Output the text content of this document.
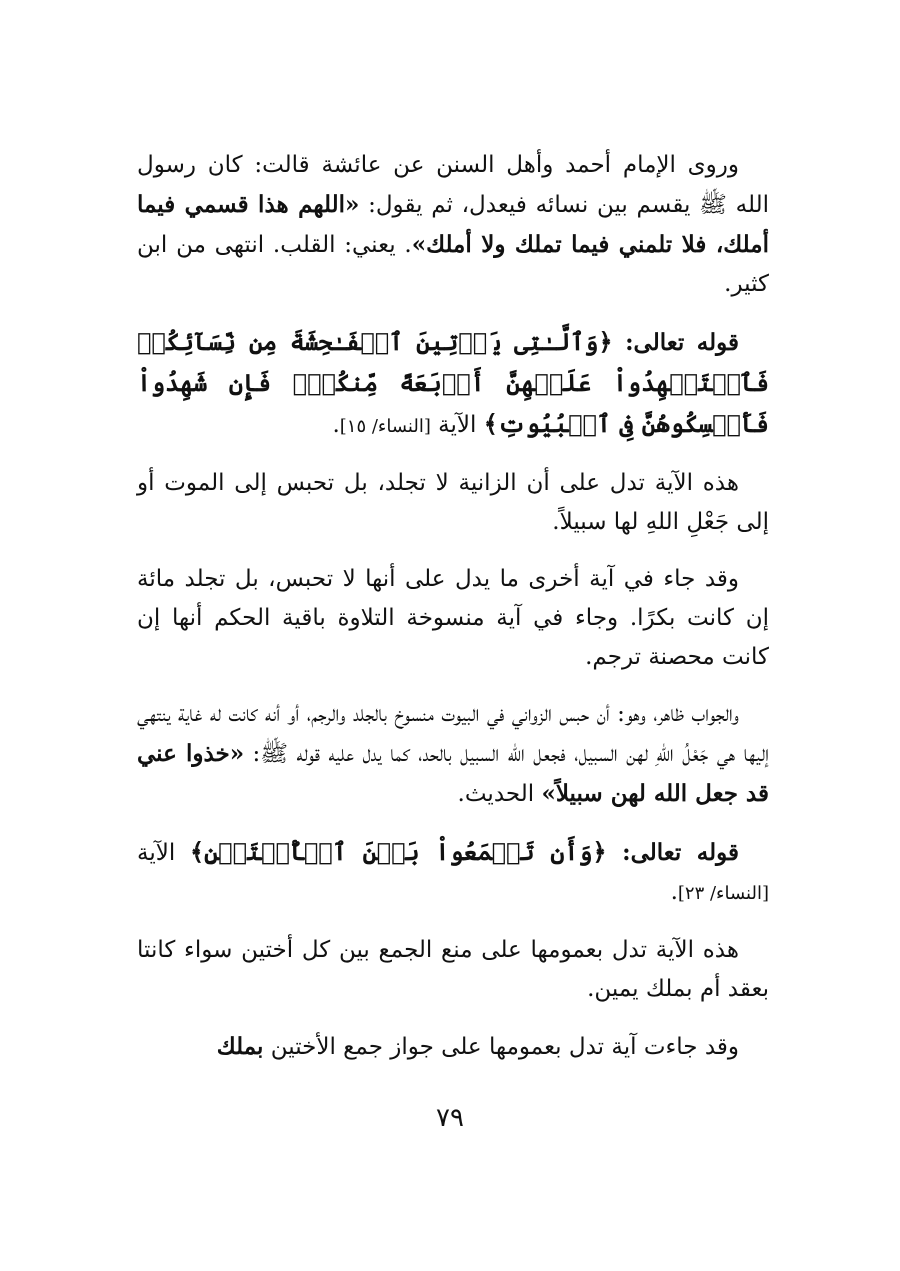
وروى الإمام أحمد وأهل السنن عن عائشة قالت: كان رسول الله ﷺ يقسم بين نسائه فيعدل، ثم يقول: «اللهم هذا قسمي فيما أملك، فلا تلمني فيما تملك ولا أملك». يعني: القلب. انتهى من ابن كثير.

قوله تعالى: ﴿وَٱلَّـٰتِى يَأۡتِينَ ٱلۡفَـٰحِشَةَ مِن نِّسَآئِكُمۡ فَٱسۡتَشۡهِدُواْ عَلَيۡهِنَّ أَرۡبَعَةً مِّنكُمۡۖ فَإِن شَهِدُواْ فَأَمۡسِكُوهُنَّ فِى ٱلۡبُيُوتِ﴾ الآية [النساء/ ١٥].

هذه الآية تدل على أن الزانية لا تجلد، بل تحبس إلى الموت أو إلى جَعْلِ اللهِ لها سبيلاً.

وقد جاء في آية أخرى ما يدل على أنها لا تحبس، بل تجلد مائة إن كانت بكرًا. وجاء في آية منسوخة التلاوة باقية الحكم أنها إن كانت محصنة ترجم.

والجواب ظاهر، وهو: أن حبس الزواني في البيوت منسوخ بالجلد والرجم، أو أنه كانت له غاية ينتهي إليها هي جَعْلُ اللهِ لهن السبيل، فجعل الله السبيل بالحد، كما يدل عليه قوله ﷺ: «خذوا عني قد جعل الله لهن سبيلاً» الحديث.

قوله تعالى: ﴿وَأَن تَجۡمَعُواْ بَيۡنَ ٱلۡأُخۡتَيۡنِ﴾ الآية [النساء/ ٢٣].

هذه الآية تدل بعمومها على منع الجمع بين كل أختين سواء كانتا بعقد أم بملك يمين.

وقد جاءت آية تدل بعمومها على جواز جمع الأختين بملك

٧٩
